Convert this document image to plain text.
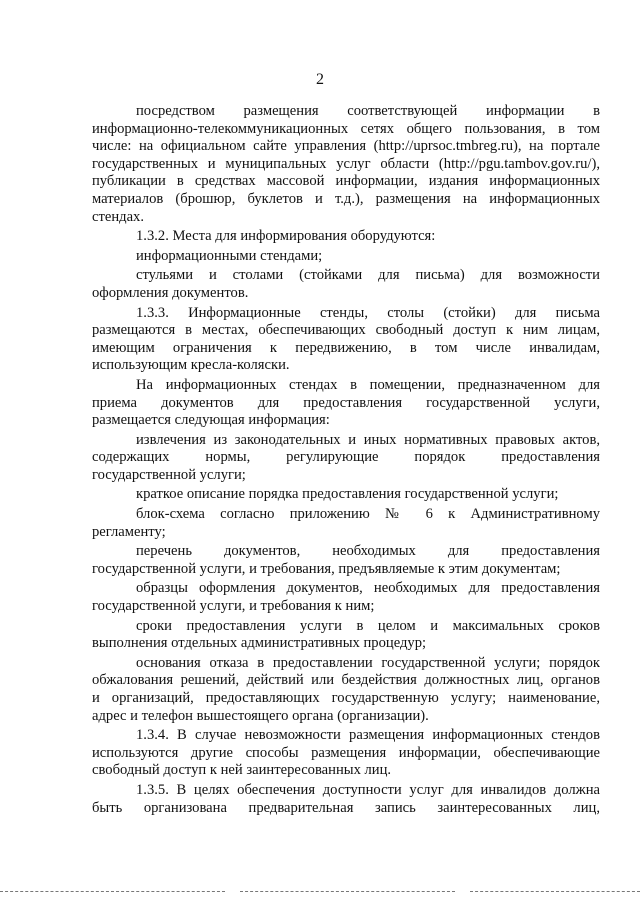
2
посредством размещения соответствующей информации в
информационно-телекоммуникационных сетях общего пользования, в том
числе: на официальном сайте управления (http://uprsoc.tmbreg.ru), на портале
государственных и муниципальных услуг области (http://pgu.tambov.gov.ru/),
публикации в средствах массовой информации, издания информационных
материалов (брошюр, буклетов и т.д.), размещения на информационных
стендах.
1.3.2. Места для информирования оборудуются:
информационными стендами;
стульями и столами (стойками для письма) для возможности
оформления документов.
1.3.3. Информационные стенды, столы (стойки) для письма
размещаются в местах, обеспечивающих свободный доступ к ним лицам,
имеющим ограничения к передвижению, в том числе инвалидам,
использующим кресла-коляски.
На информационных стендах в помещении, предназначенном для
приема документов для предоставления государственной услуги,
размещается следующая информация:
извлечения из законодательных и иных нормативных правовых актов,
содержащих нормы, регулирующие порядок предоставления
государственной услуги;
краткое описание порядка предоставления государственной услуги;
блок-схема согласно приложению № 6 к Административному
регламенту;
перечень документов, необходимых для предоставления
государственной услуги, и требования, предъявляемые к этим документам;
образцы оформления документов, необходимых для предоставления
государственной услуги, и требования к ним;
сроки предоставления услуги в целом и максимальных сроков
выполнения отдельных административных процедур;
основания отказа в предоставлении государственной услуги; порядок
обжалования решений, действий или бездействия должностных лиц, органов
и организаций, предоставляющих государственную услугу; наименование,
адрес и телефон вышестоящего органа (организации).
1.3.4. В случае невозможности размещения информационных стендов
используются другие способы размещения информации, обеспечивающие
свободный доступ к ней заинтересованных лиц.
1.3.5. В целях обеспечения доступности услуг для инвалидов должна
быть организована предварительная запись заинтересованных лиц,
